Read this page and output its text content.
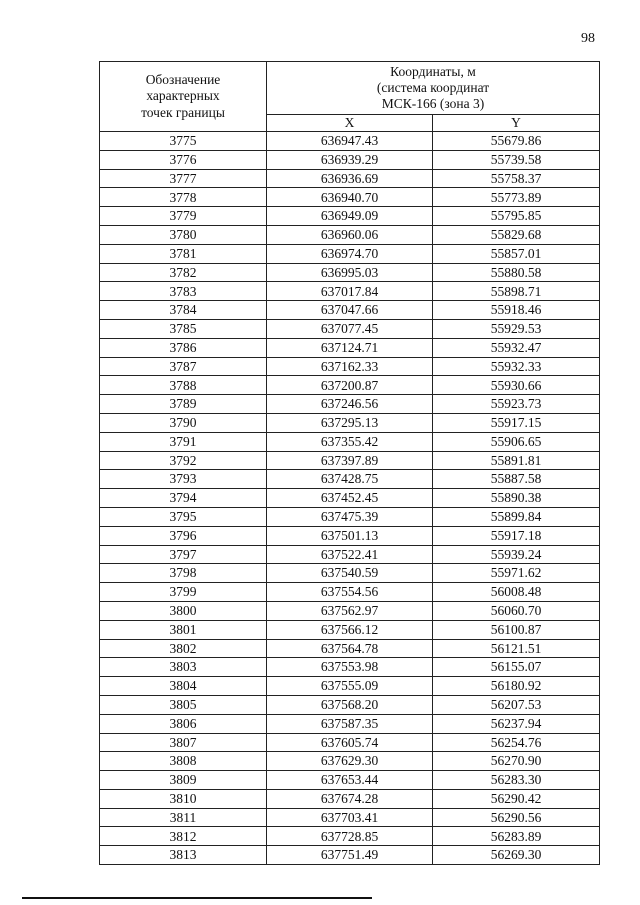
98
Обозначение
характерных
точек границы	Координаты, м
(система координат
МСК-166 (зона 3)	

	X	Y
3775	636947.43	55679.86
3776	636939.29	55739.58
3777	636936.69	55758.37
3778	636940.70	55773.89
3779	636949.09	55795.85
3780	636960.06	55829.68
3781	636974.70	55857.01
3782	636995.03	55880.58
3783	637017.84	55898.71
3784	637047.66	55918.46
3785	637077.45	55929.53
3786	637124.71	55932.47
3787	637162.33	55932.33
3788	637200.87	55930.66
3789	637246.56	55923.73
3790	637295.13	55917.15
3791	637355.42	55906.65
3792	637397.89	55891.81
3793	637428.75	55887.58
3794	637452.45	55890.38
3795	637475.39	55899.84
3796	637501.13	55917.18
3797	637522.41	55939.24
3798	637540.59	55971.62
3799	637554.56	56008.48
3800	637562.97	56060.70
3801	637566.12	56100.87
3802	637564.78	56121.51
3803	637553.98	56155.07
3804	637555.09	56180.92
3805	637568.20	56207.53
3806	637587.35	56237.94
3807	637605.74	56254.76
3808	637629.30	56270.90
3809	637653.44	56283.30
3810	637674.28	56290.42
3811	637703.41	56290.56
3812	637728.85	56283.89
3813	637751.49	56269.30
